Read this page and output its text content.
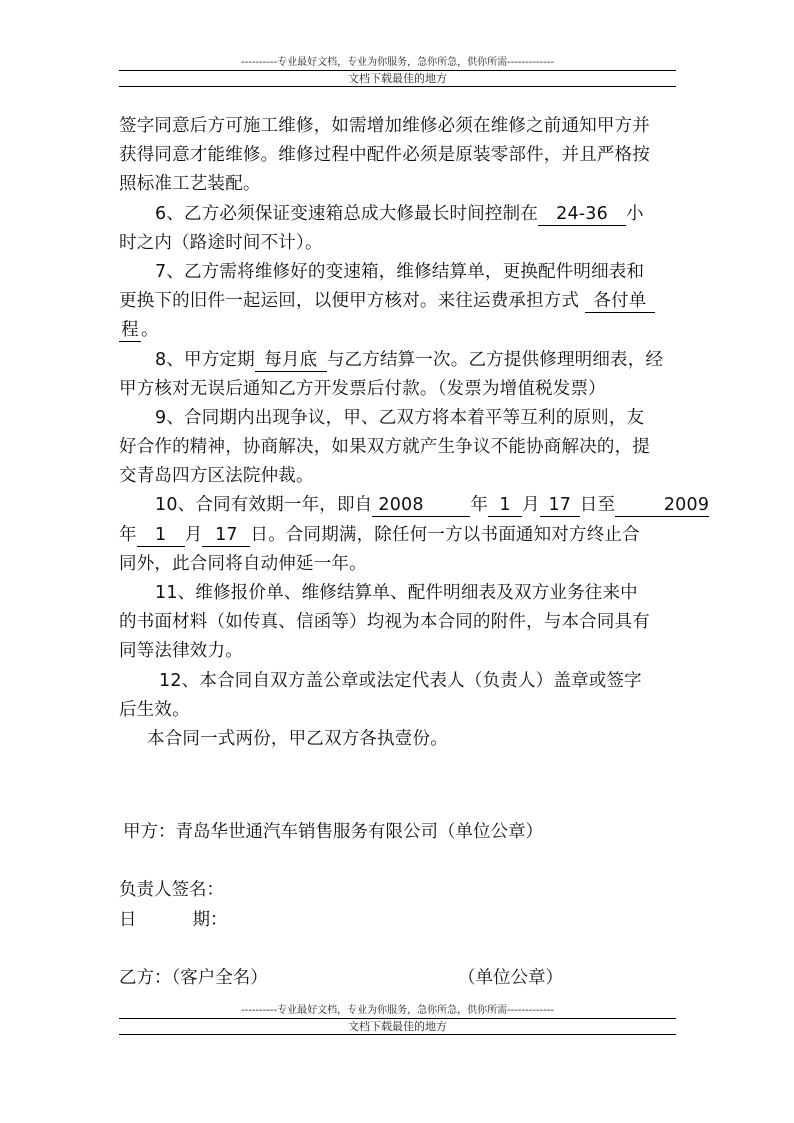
----------专业最好文档，专业为你服务，急你所急，供你所需-------------
文档下载最佳的地方
签字同意后方可施工维修，如需增加维修必须在维修之前通知甲方并
获得同意才能维修。维修过程中配件必须是原装零部件，并且严格按
照标准工艺装配。
6、乙方必须保证变速箱总成大修最长时间控制在 24-36 小
时之内（路途时间不计）。
7、乙方需将维修好的变速箱，维修结算单，更换配件明细表和
更换下的旧件一起运回，以便甲方核对。来往运费承担方式 各付单
程 。
8、甲方定期 每月底 与乙方结算一次。乙方提供修理明细表，经
甲方核对无误后通知乙方开发票后付款。（发票为增值税发票）
9、合同期内出现争议，甲、乙双方将本着平等互利的原则，友
好合作的精神，协商解决，如果双方就产生争议不能协商解决的，提
交青岛四方区法院仲裁。
10、合同有效期一年，即自 2008	年 1 月 17 日至	2009
年 1 月 17 日。合同期满，除任何一方以书面通知对方终止合
同外，此合同将自动伸延一年。
11、维修报价单、维修结算单、配件明细表及双方业务往来中
的书面材料（如传真、信函等）均视为本合同的附件，与本合同具有
同等法律效力。
12、本合同自双方盖公章或法定代表人（负责人）盖章或签字
后生效。
本合同一式两份，甲乙双方各执壹份。
甲方：青岛华世通汽车销售服务有限公司（单位公章）
负责人签名：
日	期：
乙方：（客户全名）	（单位公章）
----------专业最好文档，专业为你服务，急你所急，供你所需-------------
文档下载最佳的地方
